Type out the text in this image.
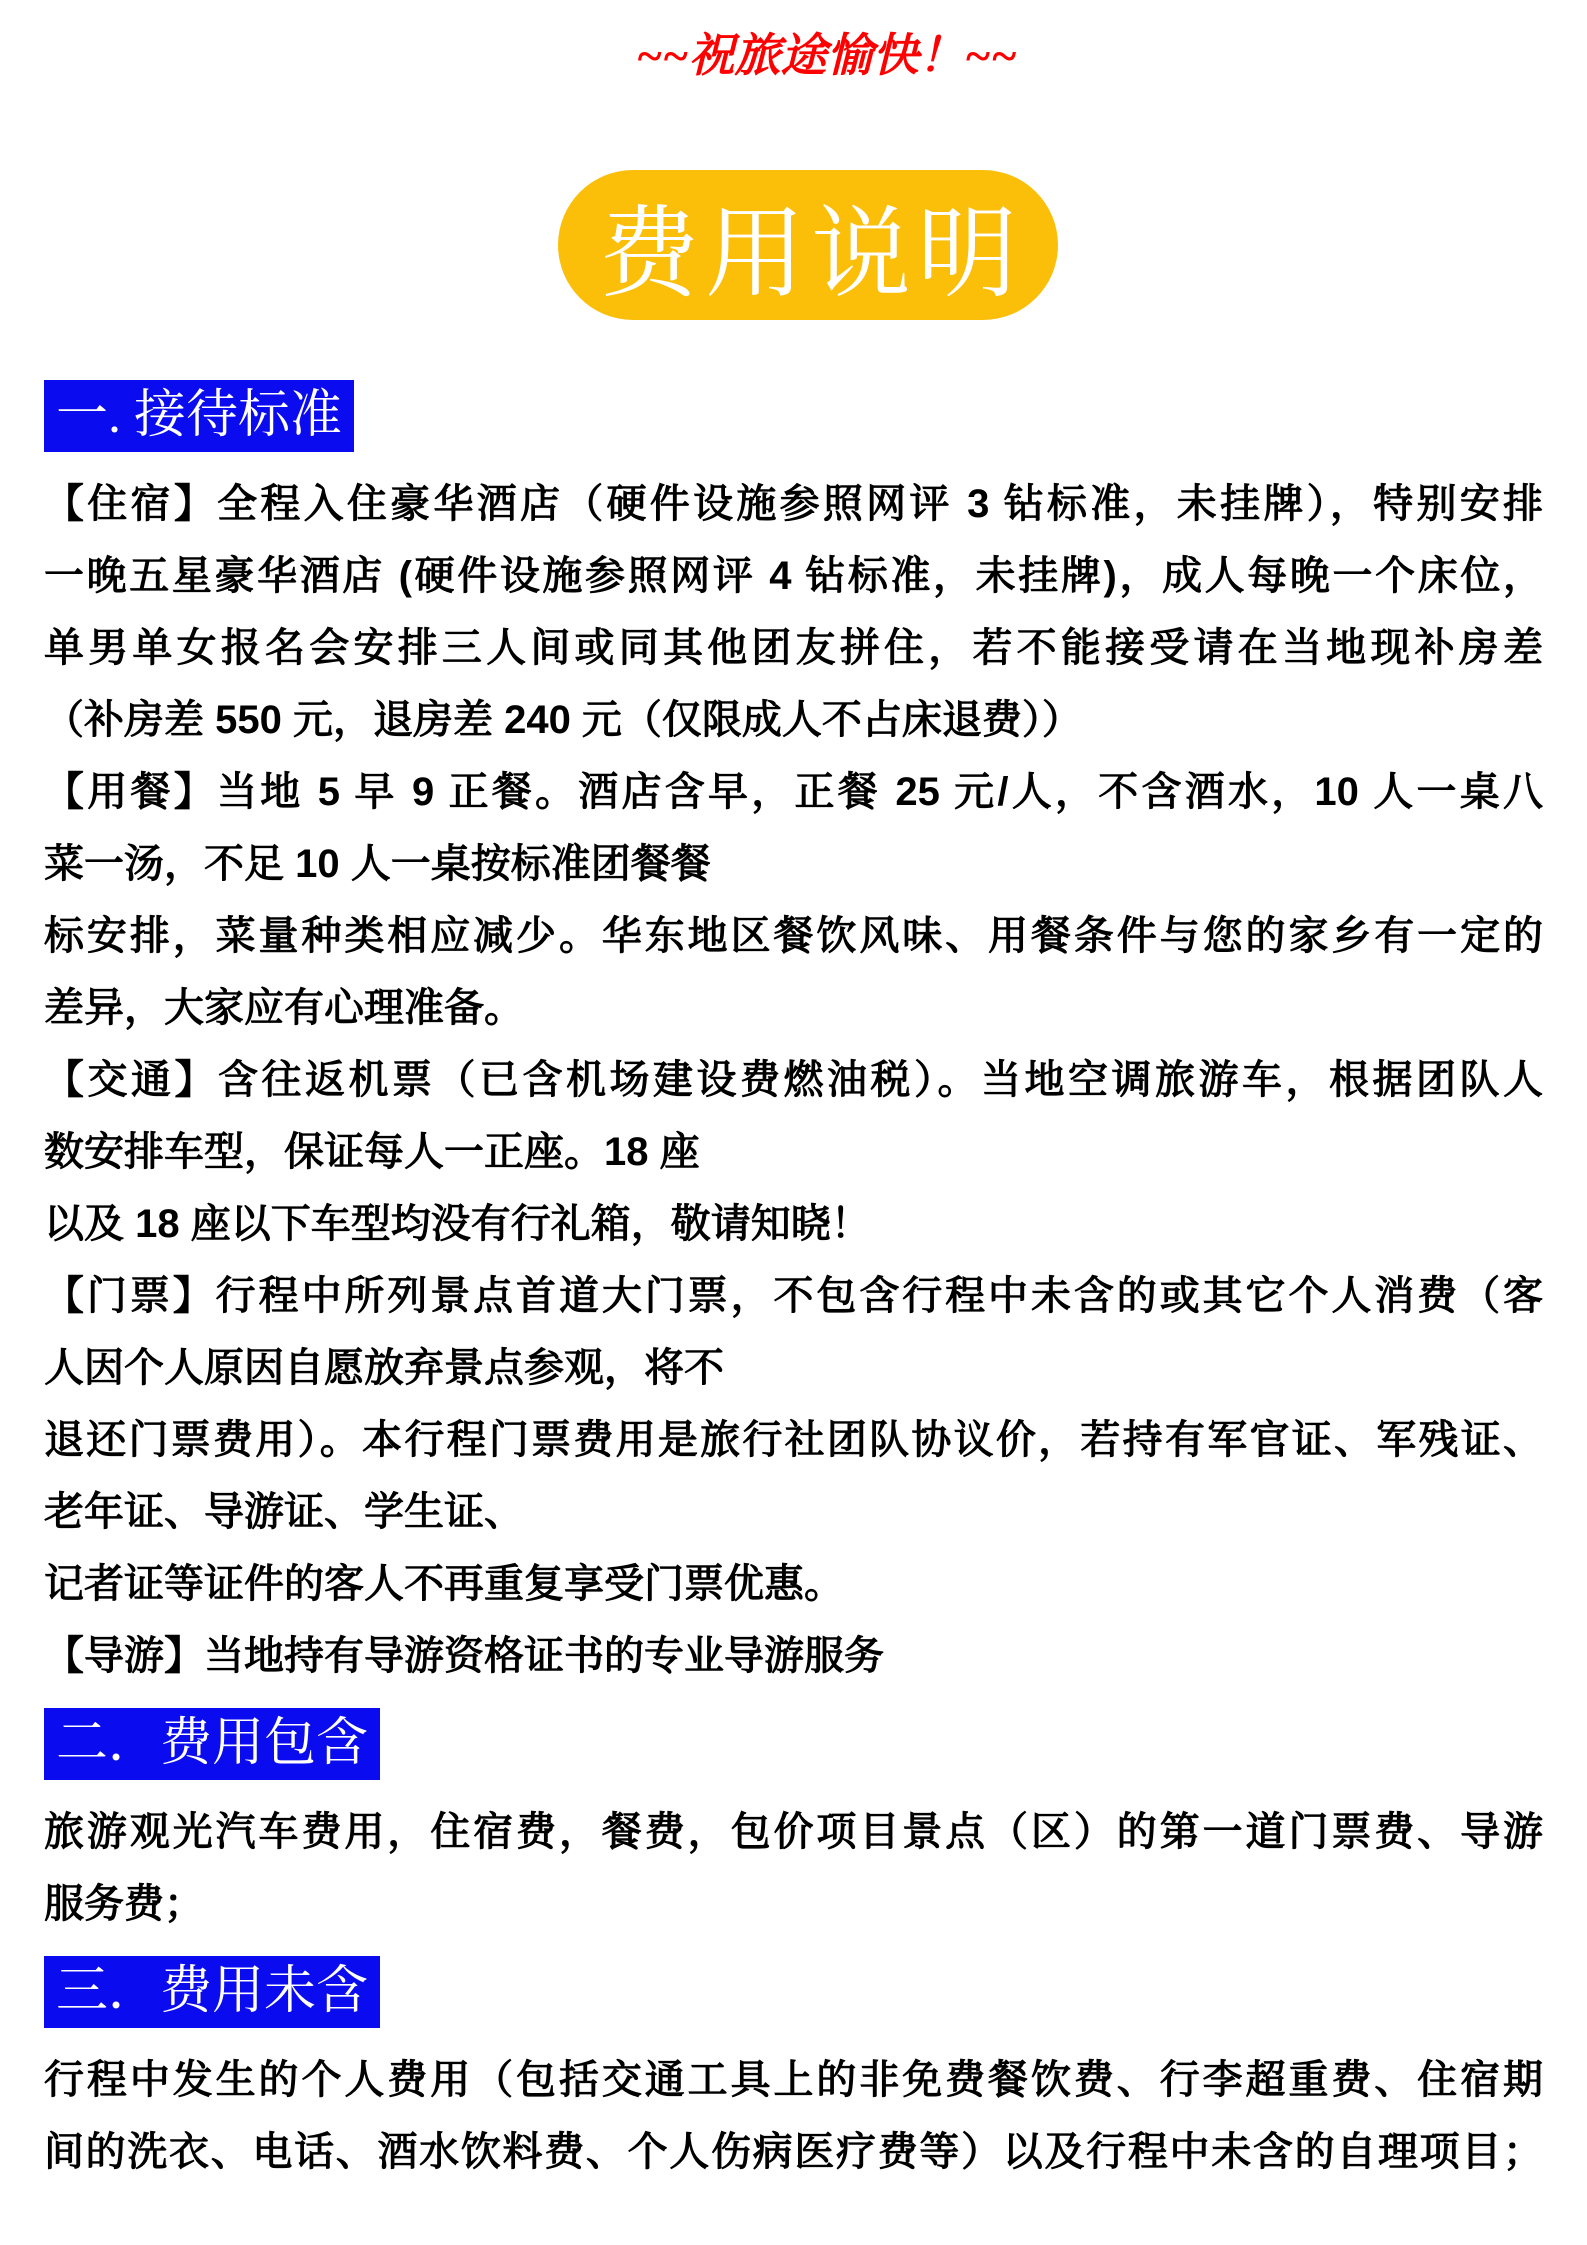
~~祝旅途愉快！~~
费用说明
一. 接待标准
【住宿】全程入住豪华酒店（硬件设施参照网评 3 钻标准，未挂牌），特别安排
一晚五星豪华酒店 (硬件设施参照网评 4 钻标准，未挂牌)，成人每晚一个床位，
单男单女报名会安排三人间或同其他团友拼住，若不能接受请在当地现补房差
（补房差 550 元，退房差 240 元（仅限成人不占床退费））
【用餐】当地 5 早 9 正餐。酒店含早，正餐 25 元/人，不含酒水，10 人一桌八
菜一汤，不足 10 人一桌按标准团餐餐
标安排，菜量种类相应减少。华东地区餐饮风味、用餐条件与您的家乡有一定的
差异，大家应有心理准备。
【交通】含往返机票（已含机场建设费燃油税）。当地空调旅游车，根据团队人
数安排车型，保证每人一正座。18 座
以及 18 座以下车型均没有行礼箱，敬请知晓！
【门票】行程中所列景点首道大门票，不包含行程中未含的或其它个人消费（客
人因个人原因自愿放弃景点参观，将不
退还门票费用）。本行程门票费用是旅行社团队协议价，若持有军官证、军残证、
老年证、导游证、学生证、
记者证等证件的客人不再重复享受门票优惠。
【导游】当地持有导游资格证书的专业导游服务
二．费用包含
旅游观光汽车费用，住宿费，餐费，包价项目景点（区）的第一道门票费、导游
服务费；
三．费用未含
行程中发生的个人费用（包括交通工具上的非免费餐饮费、行李超重费、住宿期
间的洗衣、电话、酒水饮料费、个人伤病医疗费等）以及行程中未含的自理项目；
